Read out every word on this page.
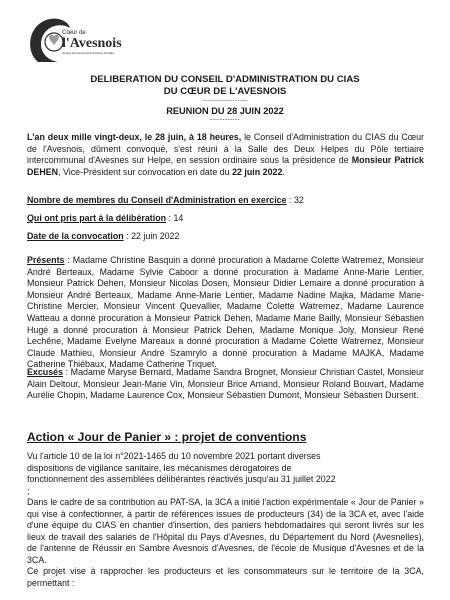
Cœur de
l'Avesnois
Centre Intercommunal d'Action Sociale
DELIBERATION DU CONSEIL D'ADMINISTRATION DU CIAS
DU CŒUR DE L'AVESNOIS
------------------
REUNION DU 28 JUIN 2022
------------
L'an deux mille vingt-deux, le 28 juin, à 18 heures, le Conseil d'Administration du CIAS du Cœur de l'Avesnois, dûment convoqué, s'est réuni à la Salle des Deux Helpes du Pôle tertiaire intercommunal d'Avesnes sur Helpe, en session ordinaire sous la présidence de Monsieur Patrick DEHEN, Vice-Président sur convocation en date du 22 juin 2022.
Nombre de membres du Conseil d'Administration en exercice : 32
Qui ont pris part à la délibération : 14
Date de la convocation : 22 juin 2022
Présents : Madame Christine Basquin a donné procuration à Madame Colette Watremez, Monsieur André Berteaux, Madame Sylvie Caboor a donné procuration à Madame Anne-Marie Lentier, Monsieur Patrick Dehen, Monsieur Nicolas Dosen, Monsieur Didier Lemaire a donné procuration à Monsieur André Berteaux, Madame Anne-Marie Lentier, Madame Nadine Majka, Madame Marie-Christine Mercier, Monsieur Vincent Quevallier, Madame Colette Watremez, Madame Laurence Watteau a donné procuration à Monsieur Patrick Dehen, Madame Marie Bailly, Monsieur Sébastien Hugé a donné procuration à Monsieur Patrick Dehen, Madame Monique Joly, Monsieur René Lechêne, Madame Evelyne Mareaux a donné procuration à Madame Colette Watremez, Monsieur Claude Mathieu, Monsieur André Szamrylo a donné procuration à Madame MAJKA, Madame Catherine Thiébaux, Madame Catherine Triquet.
Excusés : Madame Maryse Bernard, Madame Sandra Brognet, Monsieur Christian Castel, Monsieur Alain Deltour, Monsieur Jean-Marie Vin, Monsieur Brice Amand, Monsieur Roland Bouvart, Madame Aurélie Chopin, Madame Laurence Cox, Monsieur Sébastien Dumont, Monsieur Sébastien Dursent.
Action « Jour de Panier » : projet de conventions
Vu l'article 10 de la loi n°2021-1465 du 10 novembre 2021 portant diverses dispositions de vigilance sanitaire, les mécanismes dérogatoires de fonctionnement des assemblées délibérantes réactivés jusqu'au 31 juillet 2022 ;
Dans le cadre de sa contribution au PAT-SA, la 3CA a initié l'action expérimentale « Jour de Panier » qui vise à confectionner, à partir de références issues de producteurs (34) de la 3CA et, avec l'aide d'une équipe du CIAS en chantier d'insertion, des paniers hebdomadaires qui seront livrés sur les lieux de travail des salariés de l'Hôpital du Pays d'Avesnes, du Département du Nord (Avesnelles), de l'antenne de Réussir en Sambre Avesnois d'Avesnes, de l'école de Musique d'Avesnes et de la 3CA.
Ce projet vise à rapprocher les producteurs et les consommateurs sur le territoire de la 3CA, permettant :
